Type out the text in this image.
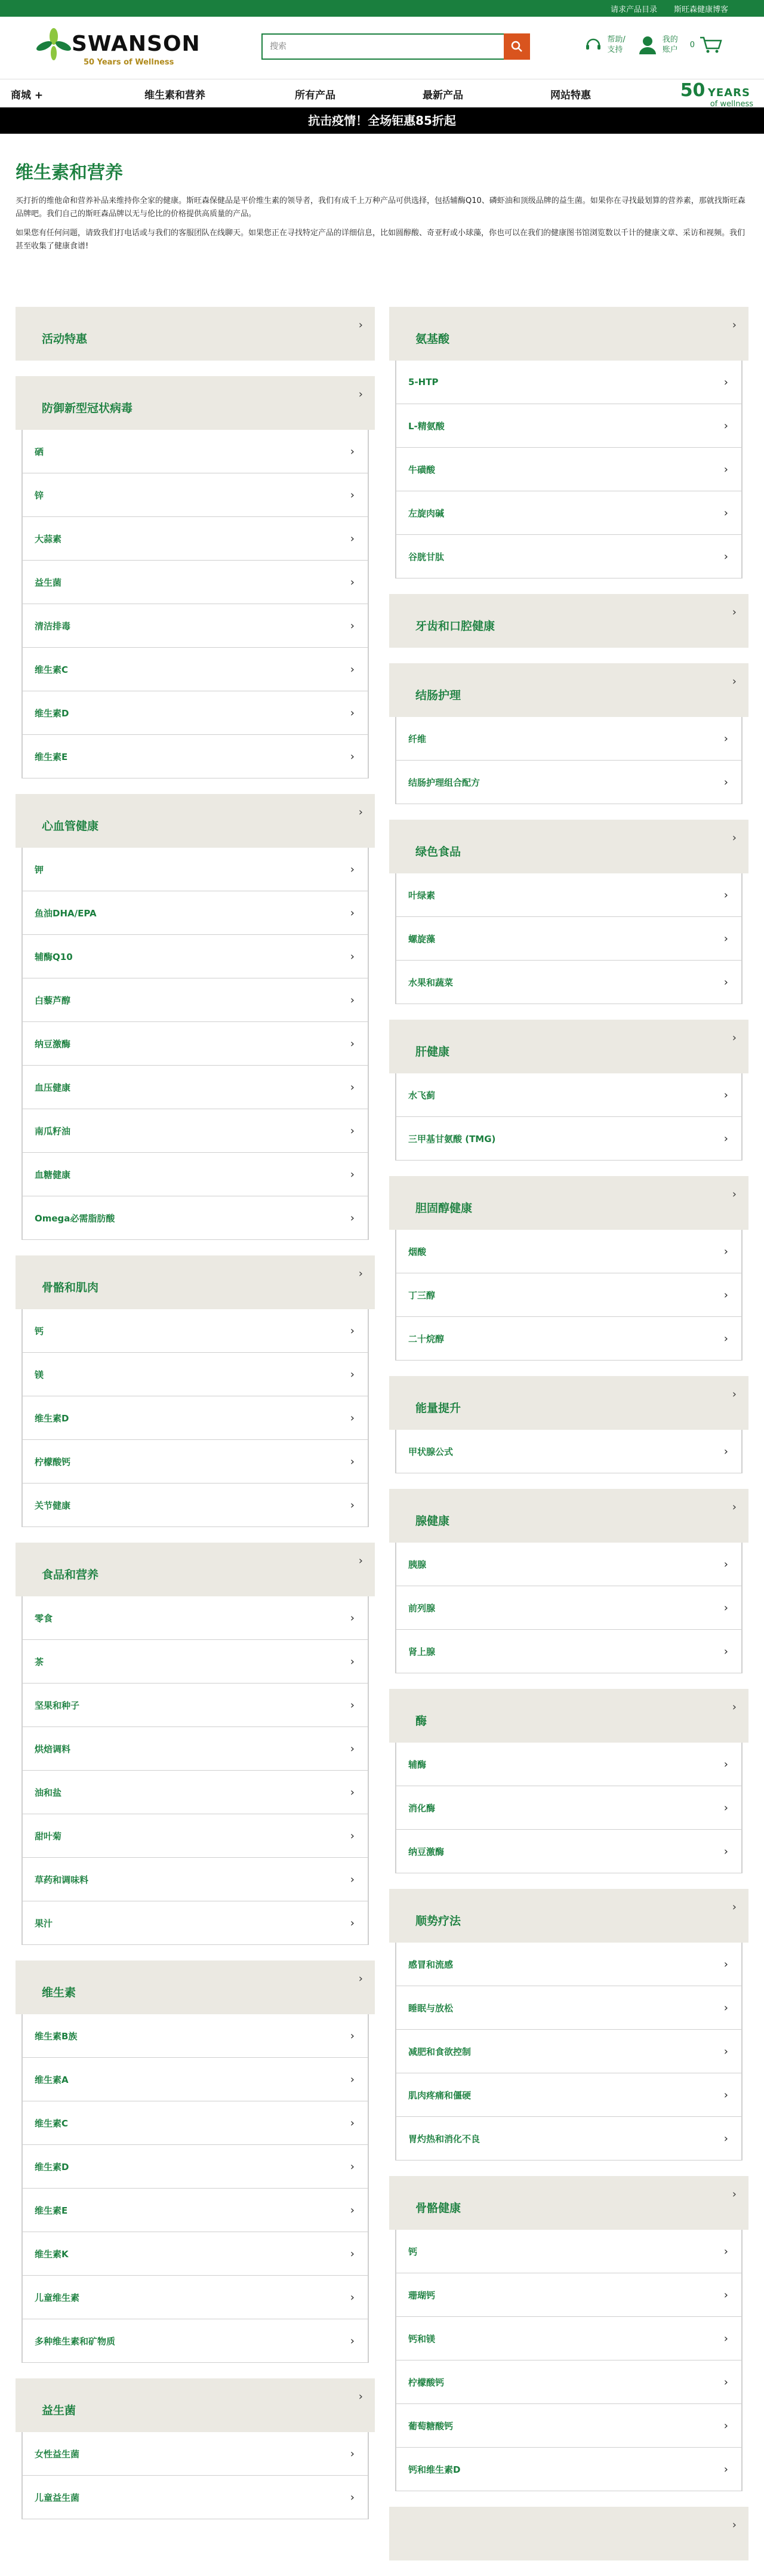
请求产品目录 斯旺森健康博客
SWANSON
50 Years of Wellness
搜索
帮助/
支持
我的
账户
0
商城 +	维生素和营养	所有产品	最新产品	网站特惠	50 YEARS
of wellness
抗击疫情！全场钜惠85折起
维生素和营养

买打折的维他命和营养补品来维持你全家的健康。斯旺森保健品是平价维生素的领导者，我们有成千上万种产品可供选择，包括辅酶Q10、磷虾油和顶级品牌的益生菌。如果你在寻找最划算的营养素，那就找斯旺森品牌吧。我们自己的斯旺森品牌以无与伦比的价格提供高质量的产品。

如果您有任何问题，请致我们打电话或与我们的客服团队在线聊天。如果您正在寻找特定产品的详细信息，比如圆醇酸、奇亚籽或小球藻，你也可以在我们的健康图书馆浏览数以千计的健康文章、采访和视频。我们甚至收集了健康食谱!

活动特惠
›
防御新型冠状病毒
›
硒	›
锌	›
大蒜素	›
益生菌	›
清洁排毒	›
维生素C	›
维生素D	›
维生素E	›
心血管健康
›
钾	›
鱼油DHA/EPA	›
辅酶Q10	›
白藜芦醇	›
纳豆激酶	›
血压健康	›
南瓜籽油	›
血糖健康	›
Omega必需脂肪酸	›
骨骼和肌肉
›
钙	›
镁	›
维生素D	›
柠檬酸钙	›
关节健康	›
食品和营养
›
零食	›
茶	›
坚果和种子	›
烘焙调料	›
油和盐	›
甜叶菊	›
草药和调味料	›
果汁	›
维生素
›
维生素B族	›
维生素A	›
维生素C	›
维生素D	›
维生素E	›
维生素K	›
儿童维生素	›
多种维生素和矿物质	›
益生菌
›
女性益生菌	›
儿童益生菌	›
氨基酸
›
5-HTP	›
L-精氨酸	›
牛磺酸	›
左旋肉碱	›
谷胱甘肽	›
牙齿和口腔健康
›
结肠护理
›
纤维	›
结肠护理组合配方	›
绿色食品
›
叶绿素	›
螺旋藻	›
水果和蔬菜	›
肝健康
›
水飞蓟	›
三甲基甘氨酸 (TMG)	›
胆固醇健康
›
烟酸	›
丁三醇	›
二十烷醇	›
能量提升
›
甲状腺公式	›
腺健康
›
胰腺	›
前列腺	›
肾上腺	›
酶
›
辅酶	›
消化酶	›
纳豆激酶	›
顺势疗法
›
感冒和流感	›
睡眠与放松	›
减肥和食欲控制	›
肌肉疼痛和僵硬	›
胃灼热和消化不良	›
骨骼健康
›
钙	›
珊瑚钙	›
钙和镁	›
柠檬酸钙	›
葡萄糖酸钙	›
钙和维生素D	›
›
